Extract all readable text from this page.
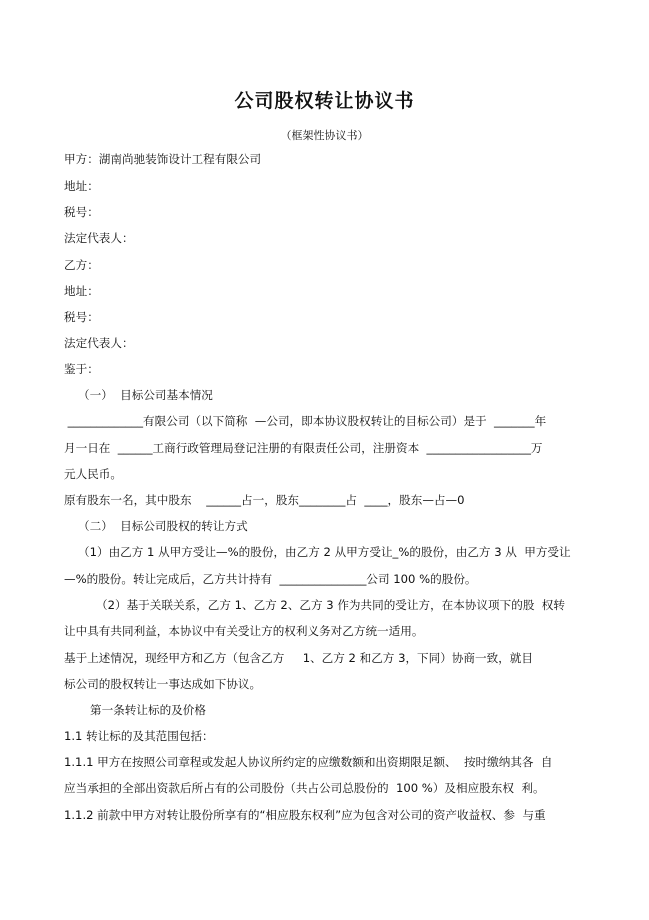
公司股权转让协议书
（框架性协议书）
甲方：湖南尚驰装饰设计工程有限公司
地址：
税号：
法定代表人：
乙方：
地址：
税号：
法定代表人：
鉴于：
（一）  目标公司基本情况
_____________有限公司（以下简称  —公司，即本协议股权转让的目标公司）是于  _______年
月一日在  ______工商行政管理局登记注册的有限责任公司，注册资本  __________________万
元人民币。
原有股东一名，其中股东    ______占一，股东________占  ____，股东—占—0
（二）  目标公司股权的转让方式
（1）由乙方 1 从甲方受让—%的股份，由乙方 2 从甲方受让_%的股份，由乙方 3 从  甲方受让
—%的股份。转让完成后，乙方共计持有  _______________公司 100 %的股份。
（2）基于关联关系，乙方 1、乙方 2、乙方 3 作为共同的受让方，在本协议项下的股  权转
让中具有共同利益，本协议中有关受让方的权利义务对乙方统一适用。
基于上述情况，现经甲方和乙方（包含乙方     1、乙方 2 和乙方 3，下同）协商一致，就目
标公司的股权转让一事达成如下协议。
第一条转让标的及价格
1.1 转让标的及其范围包括：
1.1.1 甲方在按照公司章程或发起人协议所约定的应缴数额和出资期限足额、  按时缴纳其各  自
应当承担的全部出资款后所占有的公司股份（共占公司总股份的  100 %）及相应股东权  利。
1.1.2 前款中甲方对转让股份所享有的“相应股东权利”应为包含对公司的资产收益权、参  与重
